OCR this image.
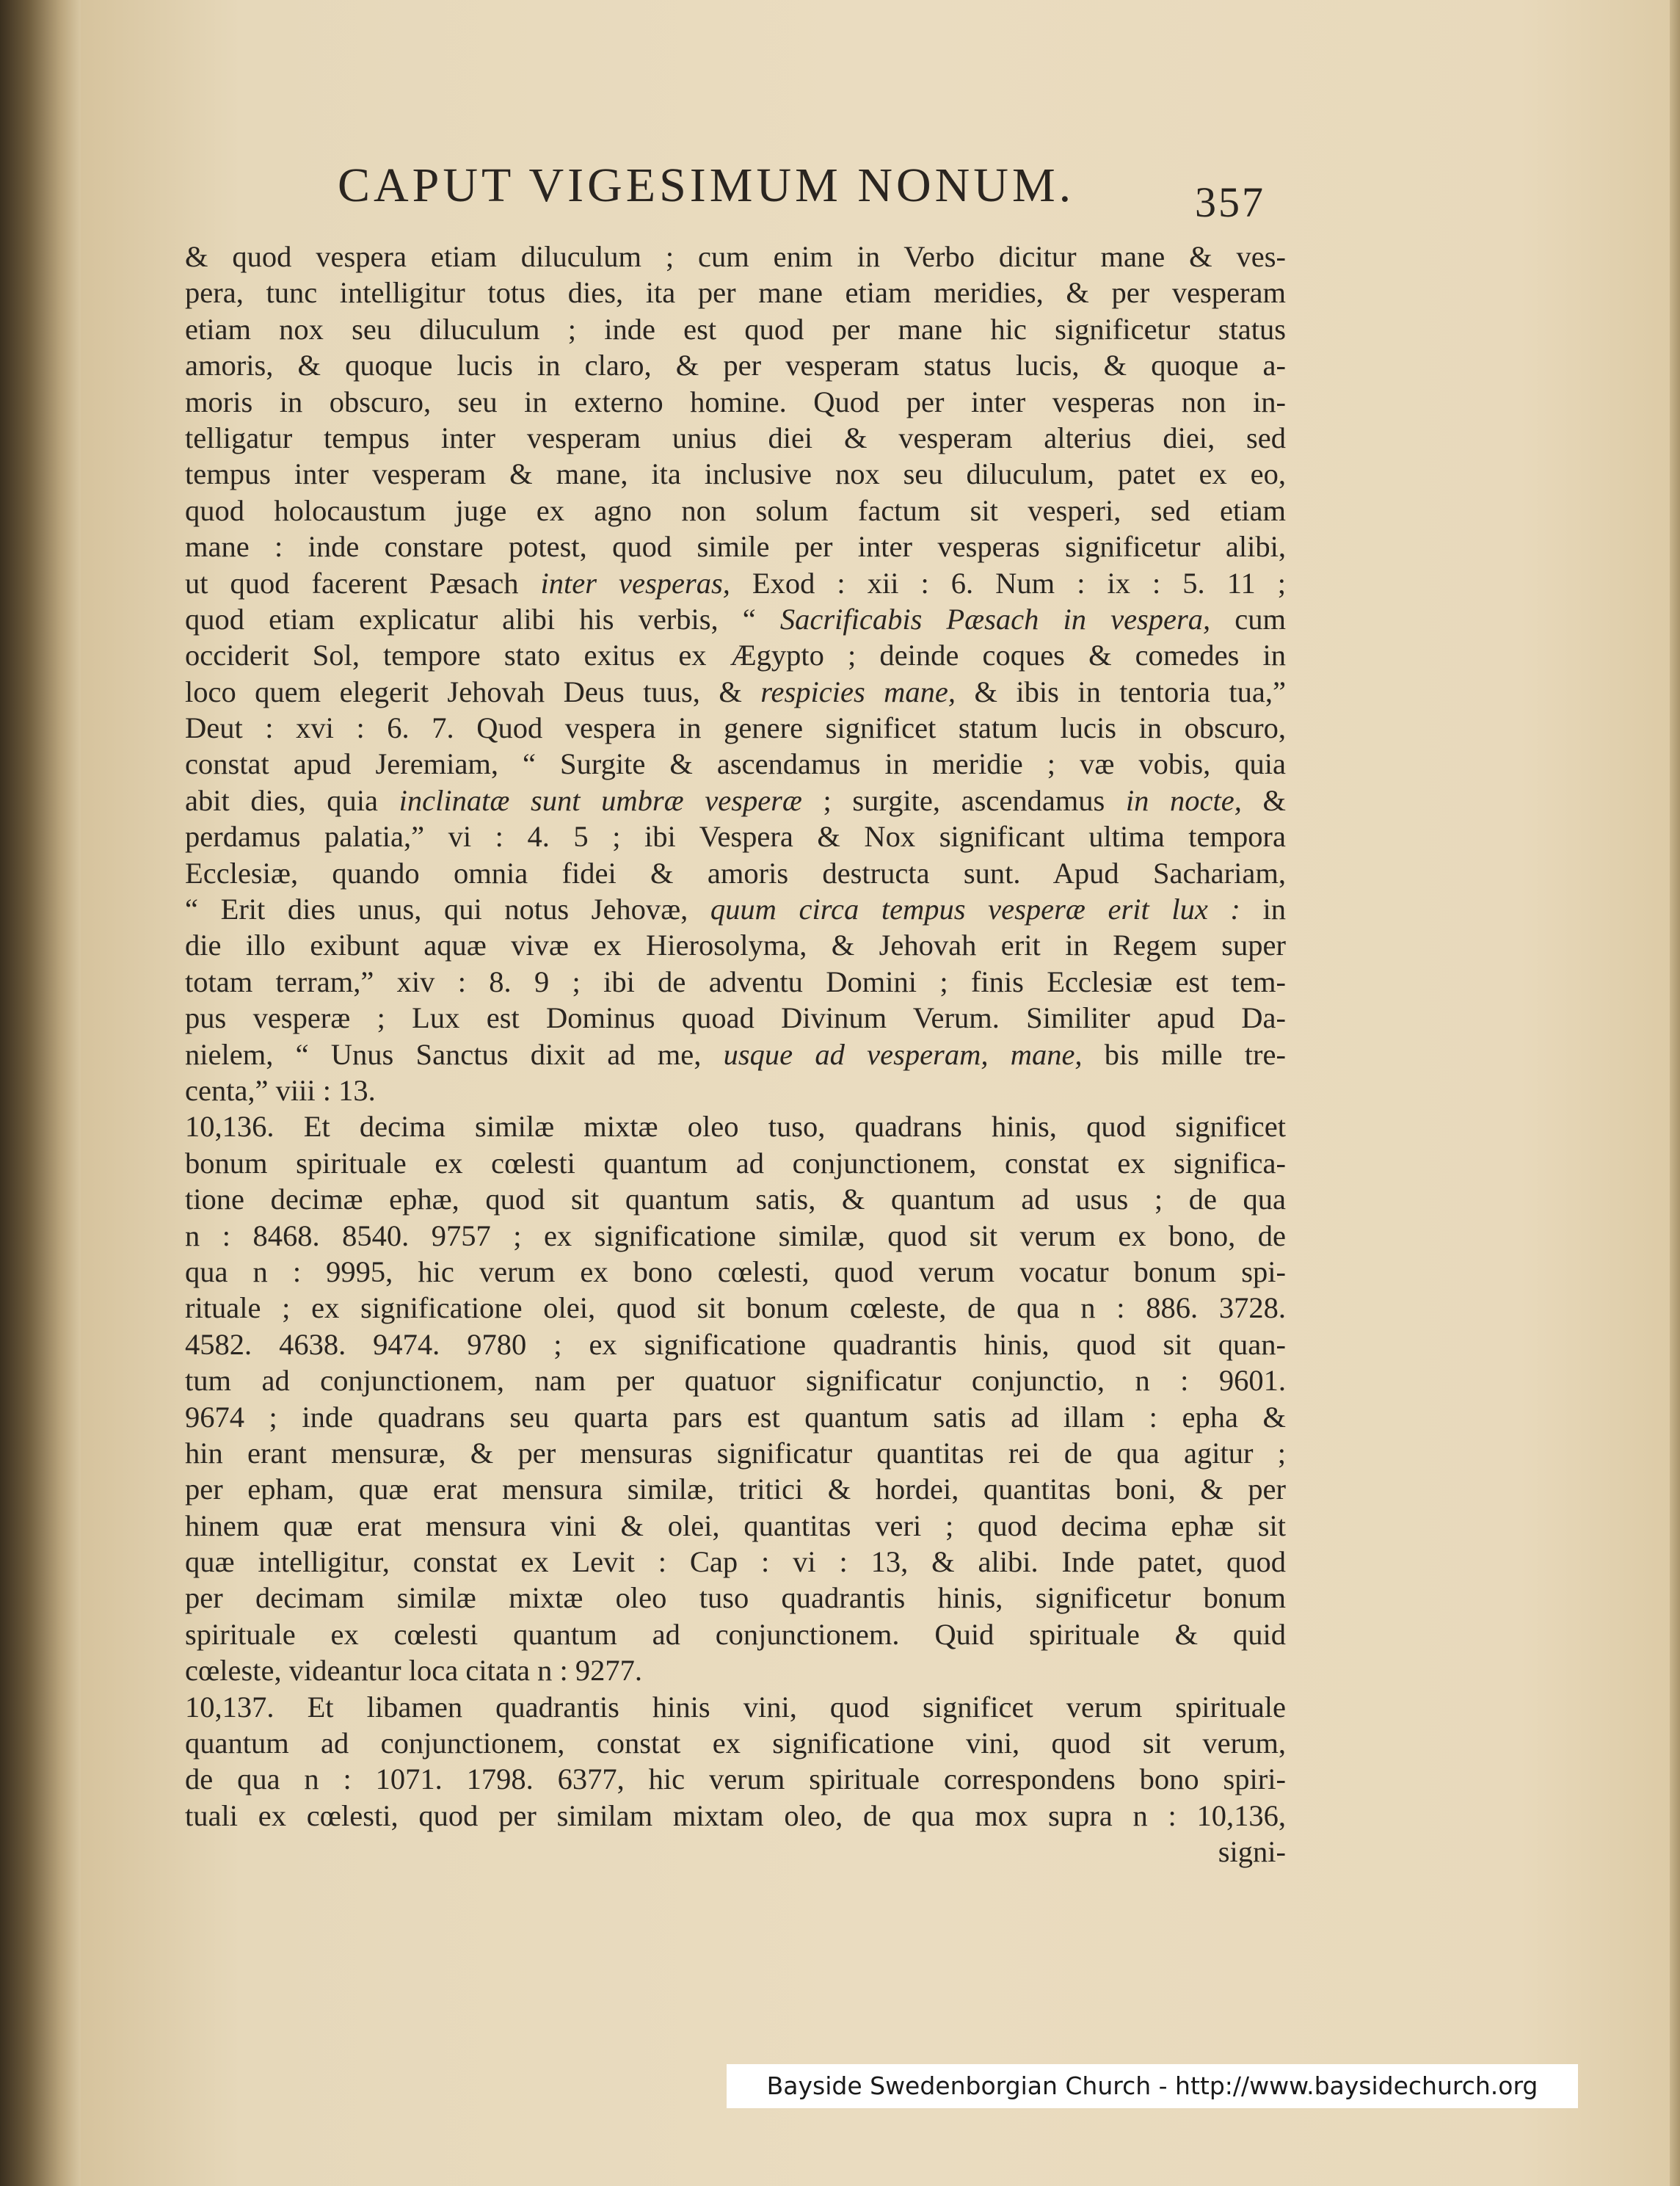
CAPUT VIGESIMUM NONUM.	357
& quod vespera etiam diluculum ; cum enim in Verbo dicitur mane & ves-
pera, tunc intelligitur totus dies, ita per mane etiam meridies, & per vesperam
etiam nox seu diluculum ; inde est quod per mane hic significetur status
amoris, & quoque lucis in claro, & per vesperam status lucis, & quoque a-
moris in obscuro, seu in externo homine. Quod per inter vesperas non in-
telligatur tempus inter vesperam unius diei & vesperam alterius diei, sed
tempus inter vesperam & mane, ita inclusive nox seu diluculum, patet ex eo,
quod holocaustum juge ex agno non solum factum sit vesperi, sed etiam
mane : inde constare potest, quod simile per inter vesperas significetur alibi,
ut quod facerent Pæsach inter vesperas, Exod : xii : 6. Num : ix : 5. 11 ;
quod etiam explicatur alibi his verbis, “ Sacrificabis Pæsach in vespera, cum
occiderit Sol, tempore stato exitus ex Ægypto ; deinde coques & comedes in
loco quem elegerit Jehovah Deus tuus, & respicies mane, & ibis in tentoria tua,”
Deut : xvi : 6. 7. Quod vespera in genere significet statum lucis in obscuro,
constat apud Jeremiam, “ Surgite & ascendamus in meridie ; væ vobis, quia
abit dies, quia inclinatæ sunt umbræ vesperæ ; surgite, ascendamus in nocte, &
perdamus palatia,” vi : 4. 5 ; ibi Vespera & Nox significant ultima tempora
Ecclesiæ, quando omnia fidei & amoris destructa sunt. Apud Sachariam,
“ Erit dies unus, qui notus Jehovæ, quum circa tempus vesperæ erit lux : in
die illo exibunt aquæ vivæ ex Hierosolyma, & Jehovah erit in Regem super
totam terram,” xiv : 8. 9 ; ibi de adventu Domini ; finis Ecclesiæ est tem-
pus vesperæ ; Lux est Dominus quoad Divinum Verum. Similiter apud Da-
nielem, “ Unus Sanctus dixit ad me, usque ad vesperam, mane, bis mille tre-
centa,” viii : 13.
10,136. Et decima similæ mixtæ oleo tuso, quadrans hinis, quod significet
bonum spirituale ex cœlesti quantum ad conjunctionem, constat ex significa-
tione decimæ ephæ, quod sit quantum satis, & quantum ad usus ; de qua
n : 8468. 8540. 9757 ; ex significatione similæ, quod sit verum ex bono, de
qua n : 9995, hic verum ex bono cœlesti, quod verum vocatur bonum spi-
rituale ; ex significatione olei, quod sit bonum cœleste, de qua n : 886. 3728.
4582. 4638. 9474. 9780 ; ex significatione quadrantis hinis, quod sit quan-
tum ad conjunctionem, nam per quatuor significatur conjunctio, n : 9601.
9674 ; inde quadrans seu quarta pars est quantum satis ad illam : epha &
hin erant mensuræ, & per mensuras significatur quantitas rei de qua agitur ;
per epham, quæ erat mensura similæ, tritici & hordei, quantitas boni, & per
hinem quæ erat mensura vini & olei, quantitas veri ; quod decima ephæ sit
quæ intelligitur, constat ex Levit : Cap : vi : 13, & alibi. Inde patet, quod
per decimam similæ mixtæ oleo tuso quadrantis hinis, significetur bonum
spirituale ex cœlesti quantum ad conjunctionem. Quid spirituale & quid
cœleste, videantur loca citata n : 9277.
10,137. Et libamen quadrantis hinis vini, quod significet verum spirituale
quantum ad conjunctionem, constat ex significatione vini, quod sit verum,
de qua n : 1071. 1798. 6377, hic verum spirituale correspondens bono spiri-
tuali ex cœlesti, quod per similam mixtam oleo, de qua mox supra n : 10,136,
signi-
Bayside Swedenborgian Church - http://www.baysidechurch.org
